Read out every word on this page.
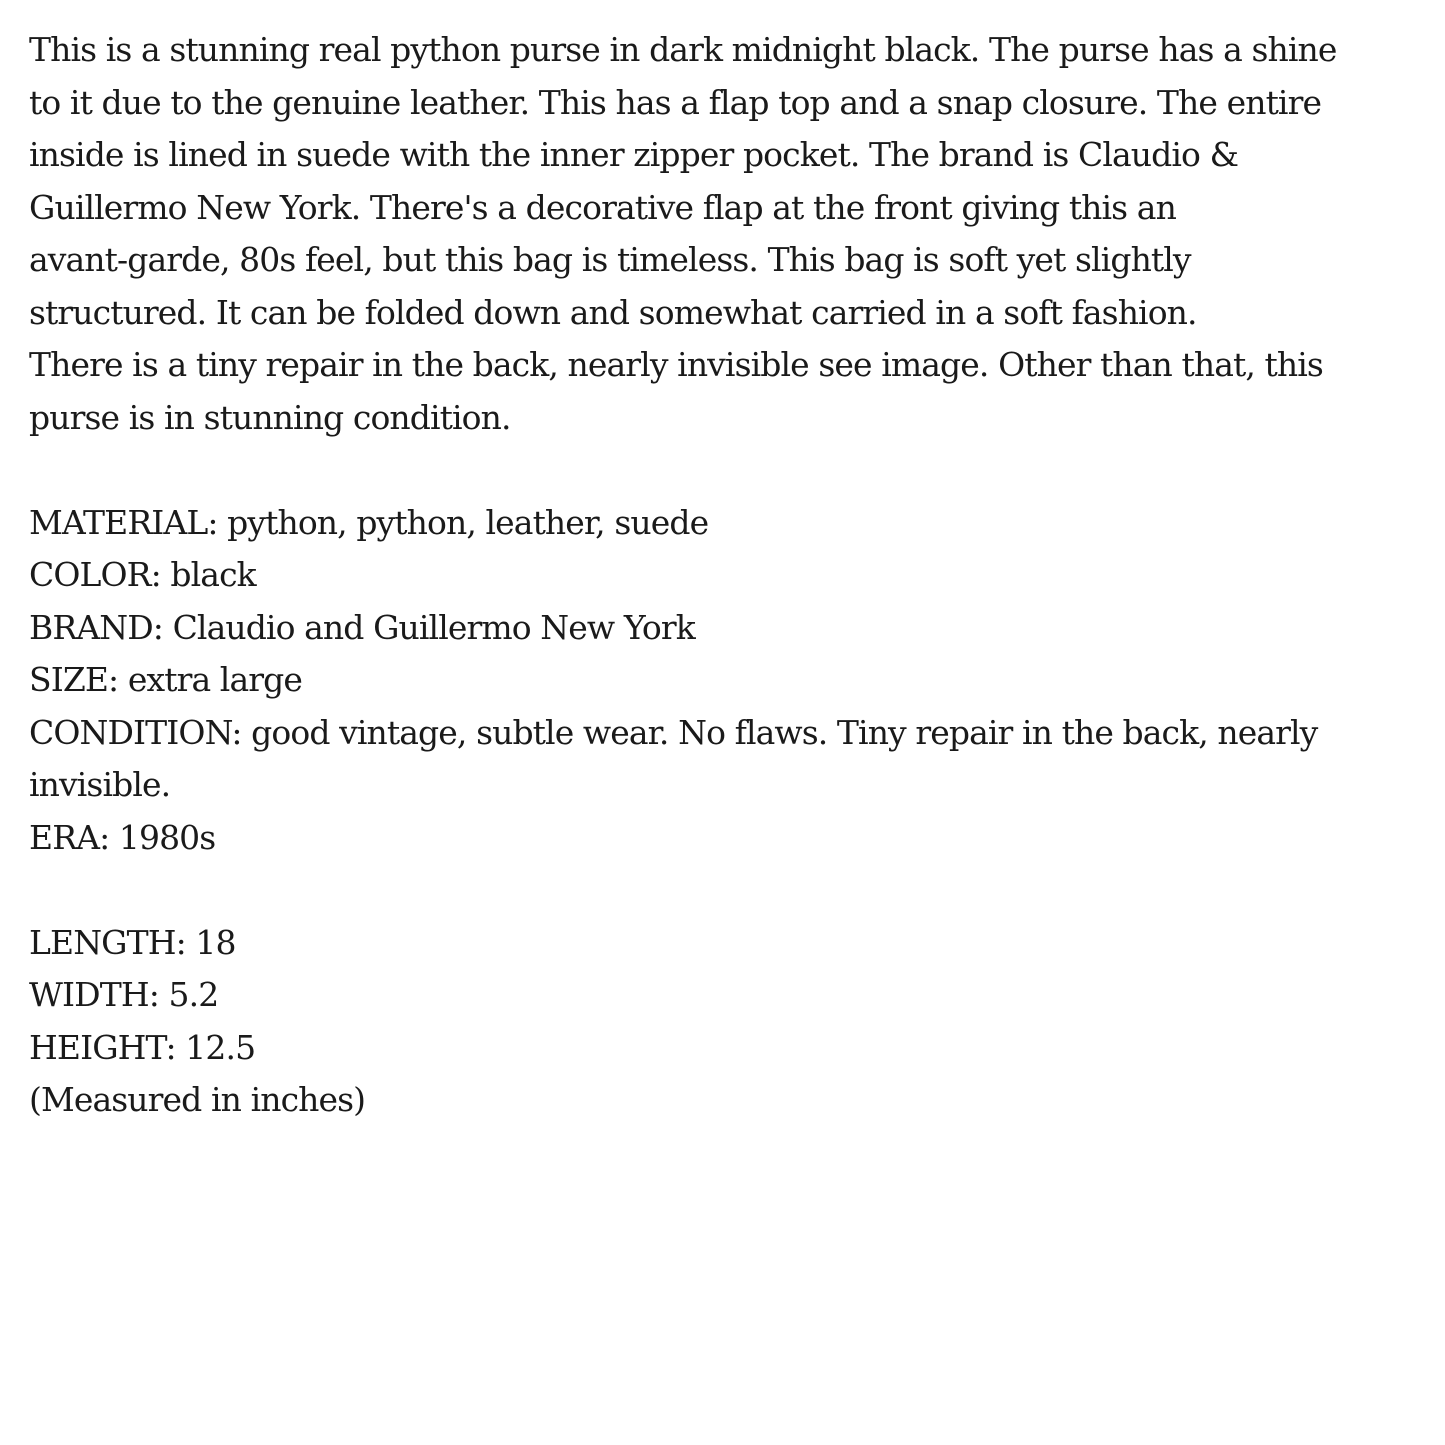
This is a stunning real python purse in dark midnight black. The purse has a shine
to it due to the genuine leather. This has a flap top and a snap closure. The entire
inside is lined in suede with the inner zipper pocket. The brand is Claudio &
Guillermo New York. There's a decorative flap at the front giving this an
avant-garde, 80s feel, but this bag is timeless. This bag is soft yet slightly
structured. It can be folded down and somewhat carried in a soft fashion.
There is a tiny repair in the back, nearly invisible see image. Other than that, this
purse is in stunning condition.
MATERIAL: python, python, leather, suede
COLOR: black
BRAND: Claudio and Guillermo New York
SIZE: extra large
CONDITION: good vintage, subtle wear. No flaws. Tiny repair in the back, nearly
invisible.
ERA: 1980s
LENGTH: 18
WIDTH: 5.2
HEIGHT: 12.5
(Measured in inches)
